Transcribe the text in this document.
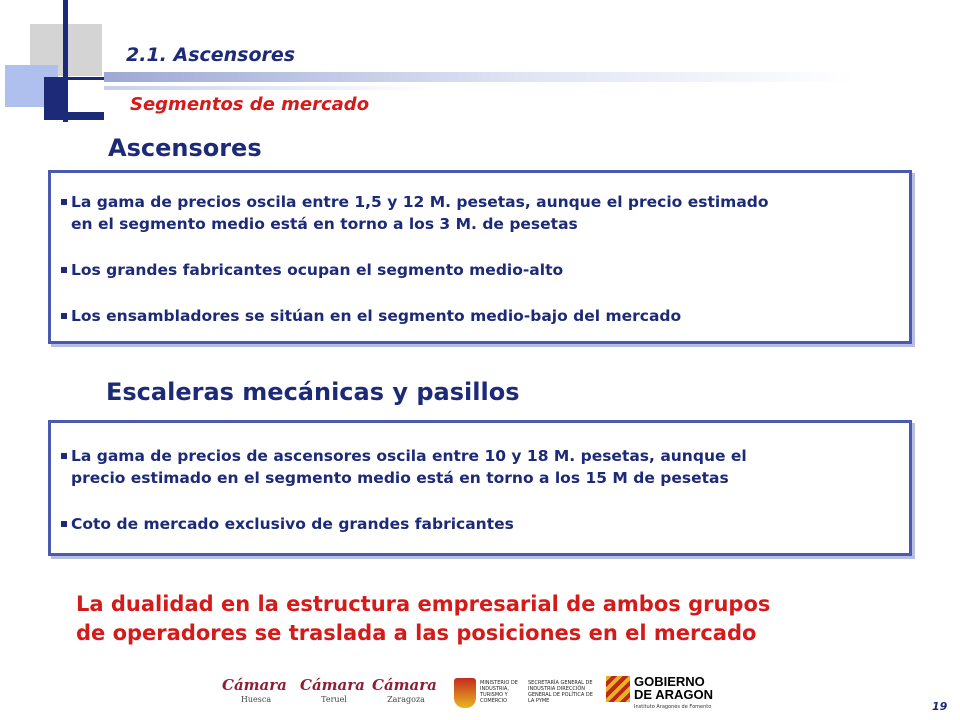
2.1. Ascensores
Segmentos de mercado
Ascensores
La gama de precios oscila entre 1,5 y 12 M. pesetas, aunque el precio estimado
en el segmento medio está en torno a los 3 M. de pesetas
Los grandes fabricantes ocupan el segmento medio-alto
Los ensambladores se sitúan en el segmento medio-bajo del mercado
Escaleras mecánicas y pasillos
La gama de precios de ascensores oscila entre 10 y 18 M. pesetas, aunque el
precio estimado en el segmento medio está en torno a los 15 M de pesetas
Coto de mercado exclusivo de grandes fabricantes
La dualidad en la estructura empresarial de ambos grupos
de operadores se traslada a las posiciones en el mercado
Cámara
Huesca
Cámara
Teruel
Cámara
Zaragoza
MINISTERIO DE INDUSTRIA, TURISMO Y COMERCIO
SECRETARÍA GENERAL DE INDUSTRIA DIRECCIÓN GENERAL DE POLÍTICA DE LA PYME
GOBIERNO
DE ARAGON
Instituto Aragonés de Fomento	19
